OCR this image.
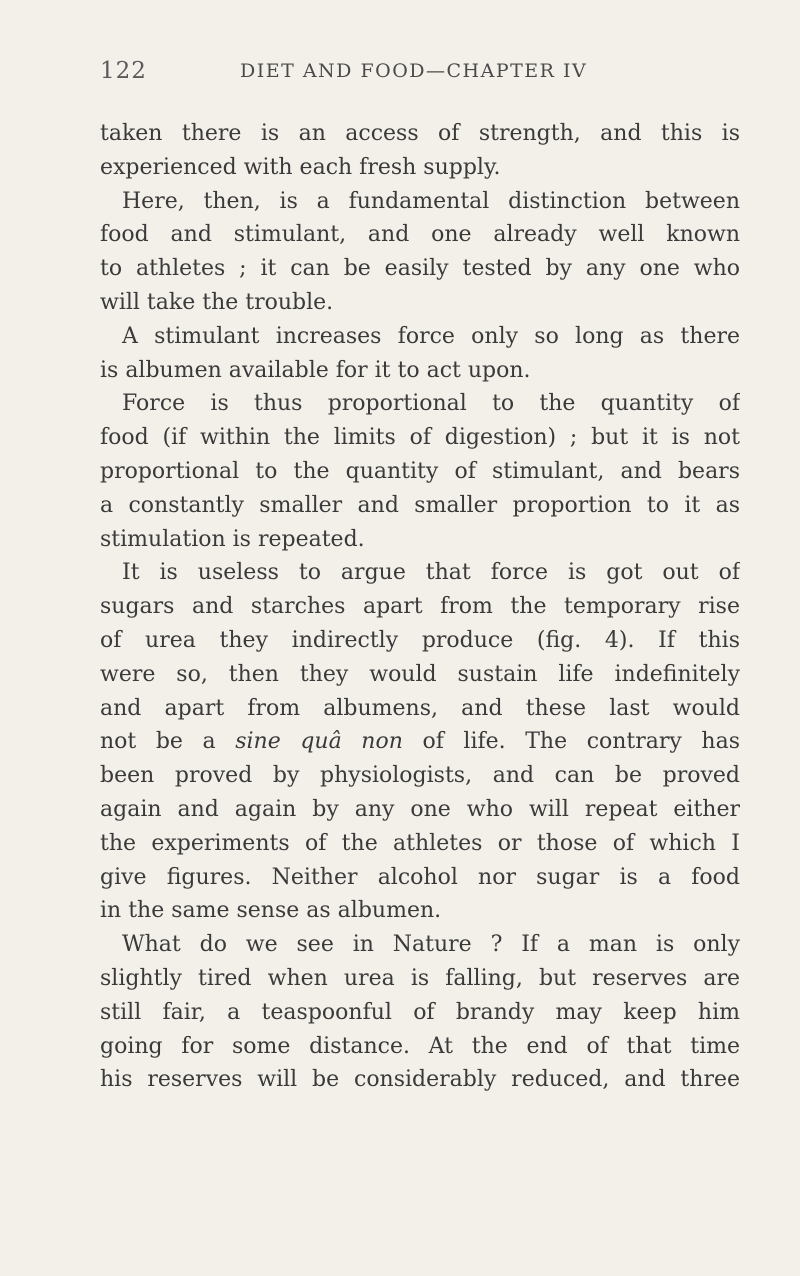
122	DIET AND FOOD—CHAPTER IV
taken there is an access of strength, and this is
experienced with each fresh supply.
Here, then, is a fundamental distinction between
food and stimulant, and one already well known
to athletes ; it can be easily tested by any one who
will take the trouble.
A stimulant increases force only so long as there
is albumen available for it to act upon.
Force is thus proportional to the quantity of
food (if within the limits of digestion) ; but it is not
proportional to the quantity of stimulant, and bears
a constantly smaller and smaller proportion to it as
stimulation is repeated.
It is useless to argue that force is got out of
sugars and starches apart from the temporary rise
of urea they indirectly produce (fig. 4). If this
were so, then they would sustain life indefinitely
and apart from albumens, and these last would
not be a sine quâ non of life. The contrary has
been proved by physiologists, and can be proved
again and again by any one who will repeat either
the experiments of the athletes or those of which I
give figures. Neither alcohol nor sugar is a food
in the same sense as albumen.
What do we see in Nature ? If a man is only
slightly tired when urea is falling, but reserves are
still fair, a teaspoonful of brandy may keep him
going for some distance. At the end of that time
his reserves will be considerably reduced, and three
